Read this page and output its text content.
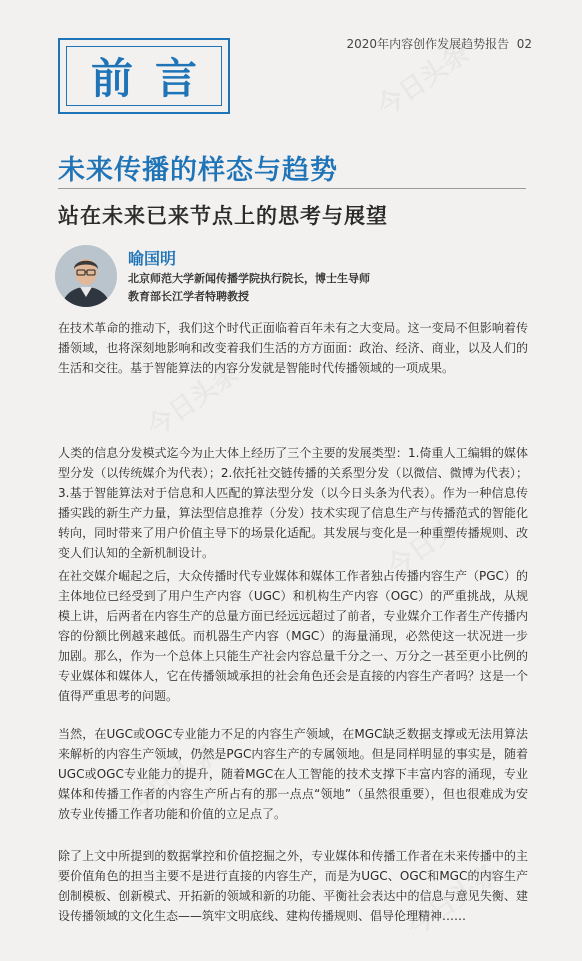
2020年内容创作发展趋势报告 02
前言
未来传播的样态与趋势
站在未来已来节点上的思考与展望
喻国明
北京师范大学新闻传播学院执行院长，博士生导师
教育部长江学者特聘教授

在技术革命的推动下，我们这个时代正面临着百年未有之大变局。这一变局不但影响着传播领域，也将深刻地影响和改变着我们生活的方方面面：政治、经济、商业，以及人们的生活和交往。基于智能算法的内容分发就是智能时代传播领域的一项成果。

人类的信息分发模式迄今为止大体上经历了三个主要的发展类型：1.倚重人工编辑的媒体型分发（以传统媒介为代表）；2.依托社交链传播的关系型分发（以微信、微博为代表）；3.基于智能算法对于信息和人匹配的算法型分发（以今日头条为代表）。作为一种信息传播实践的新生产力量，算法型信息推荐（分发）技术实现了信息生产与传播范式的智能化转向，同时带来了用户价值主导下的场景化适配。其发展与变化是一种重塑传播规则、改变人们认知的全新机制设计。

在社交媒介崛起之后，大众传播时代专业媒体和媒体工作者独占传播内容生产（PGC）的主体地位已经受到了用户生产内容（UGC）和机构生产内容（OGC）的严重挑战，从规模上讲，后两者在内容生产的总量方面已经远远超过了前者，专业媒介工作者生产传播内容的份额比例越来越低。而机器生产内容（MGC）的海量涌现，必然使这一状况进一步加剧。那么，作为一个总体上只能生产社会内容总量千分之一、万分之一甚至更小比例的专业媒体和媒体人，它在传播领域承担的社会角色还会是直接的内容生产者吗？这是一个值得严重思考的问题。

当然，在UGC或OGC专业能力不足的内容生产领域，在MGC缺乏数据支撑或无法用算法来解析的内容生产领域，仍然是PGC内容生产的专属领地。但是同样明显的事实是，随着UGC或OGC专业能力的提升，随着MGC在人工智能的技术支撑下丰富内容的涌现，专业媒体和传播工作者的内容生产所占有的那一点点“领地”（虽然很重要），但也很难成为安放专业传播工作者功能和价值的立足点了。

除了上文中所提到的数据掌控和价值挖掘之外，专业媒体和传播工作者在未来传播中的主要价值角色的担当主要不是进行直接的内容生产，而是为UGC、OGC和MGC的内容生产创制模板、创新模式、开拓新的领域和新的功能、平衡社会表达中的信息与意见失衡、建设传播领域的文化生态——筑牢文明底线、建构传播规则、倡导伦理精神……
